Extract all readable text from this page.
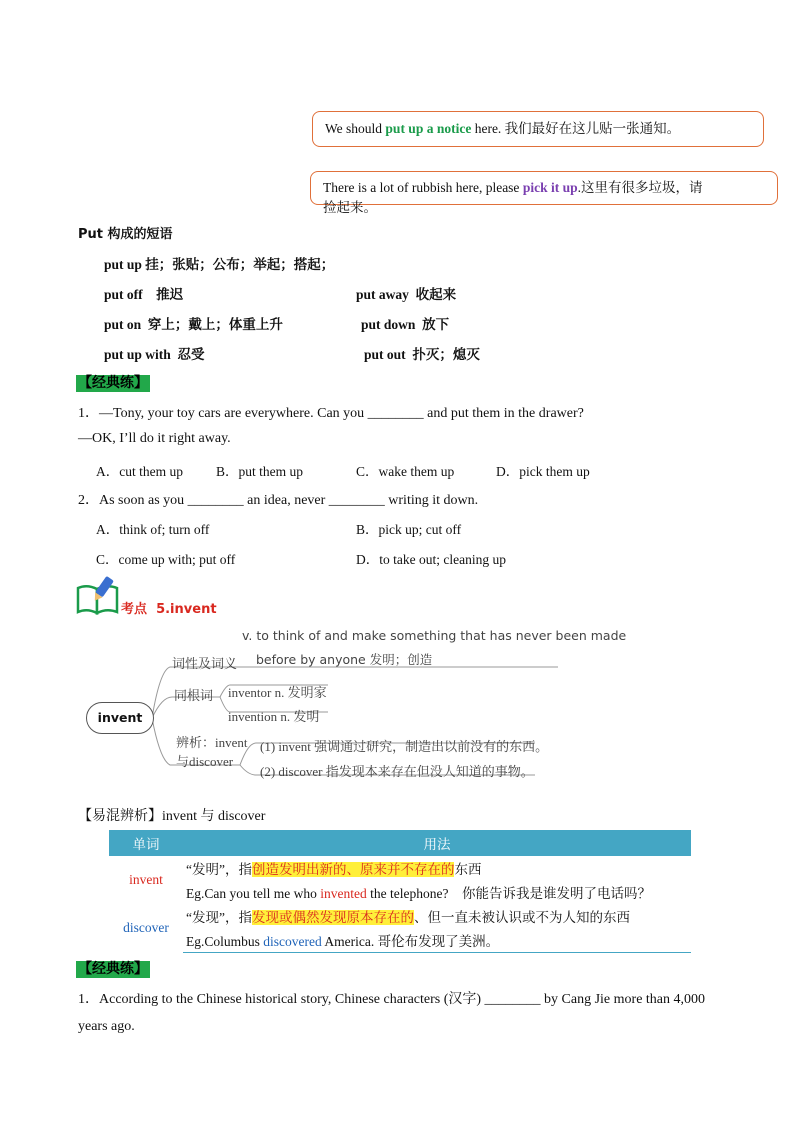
We should put up a notice here. 我们最好在这儿贴一张通知。
There is a lot of rubbish here, please pick it up.这里有很多垃圾，请
捡起来。
Put 构成的短语
put up 挂；张贴；公布；举起；搭起；
put off    推迟	put away  收起来
put on  穿上；戴上；体重上升	put down  放下
put up with  忍受	put out  扑灭；熄灭
【经典练】
1．—Tony, your toy cars are everywhere. Can you ________ and put them in the drawer?
—OK, I’ll do it right away.
A．cut them up B．put them up	C．wake them up	D．pick them up
2．As soon as you ________ an idea, never ________ writing it down.
A．think of; turn off	B．pick up; cut off
C．come up with; put off	D．to take out; cleaning up
考点 5.invent
invent
词性及词义
v. to think of and make something that has never been made
before by anyone 发明；创造
同根词 inventor n. 发明家
invention n. 发明
辨析：invent
与discover
(1) invent 强调通过研究，制造出以前没有的东西。
(2) discover 指发现本来存在但没人知道的事物。
【易混辨析】invent 与 discover
单词	用法
invent	“发明”，指创造发明出新的、原来并不存在的东西
	Eg.Can you tell me who invented the telephone?    你能告诉我是谁发明了电话吗？
discover	“发现”，指发现或偶然发现原本存在的、但一直未被认识或不为人知的东西
	Eg.Columbus discovered America. 哥伦布发现了美洲。
【经典练】
1．According to the Chinese historical story, Chinese characters (汉字) ________ by Cang Jie more than 4,000
years ago.
